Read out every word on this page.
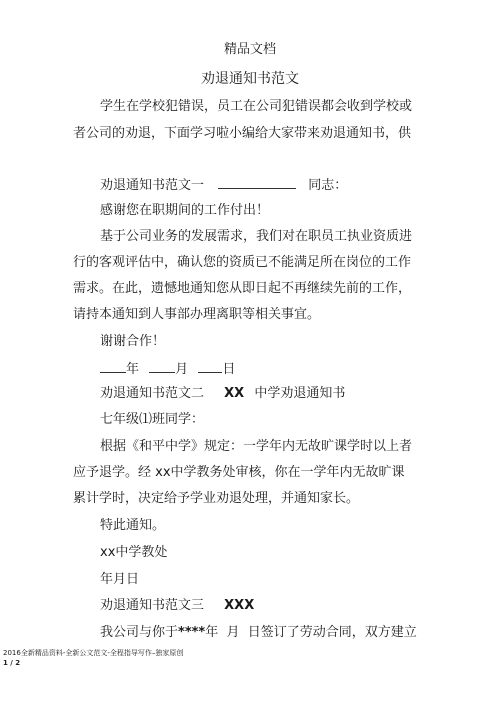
精品文档
劝退通知书范文
学生在学校犯错误，员工在公司犯错误都会收到学校或
者公司的劝退，下面学习啦小编给大家带来劝退通知书，供
劝退通知书范文一	同志：
感谢您在职期间的工作付出！
基于公司业务的发展需求，我们对在职员工执业资质进
行的客观评估中，确认您的资质已不能满足所在岗位的工作
需求。在此，遗憾地通知您从即日起不再继续先前的工作，
请持本通知到人事部办理离职等相关事宜。
谢谢合作！
年	月	日
劝退通知书范文二 XX 中学劝退通知书
七年级⑴班同学：
根据《和平中学》规定：一学年内无故旷课学时以上者
应予退学。经 xx中学教务处审核，你在一学年内无故旷课
累计学时，决定给予学业劝退处理，并通知家长。
特此通知。
xx中学教处
年月日
劝退通知书范文三 XXX
我公司与你于****年  月  日签订了劳动合同，双方建立
2016全新精品资料-全新公文范文-全程指导写作–独家原创
1 / 2
